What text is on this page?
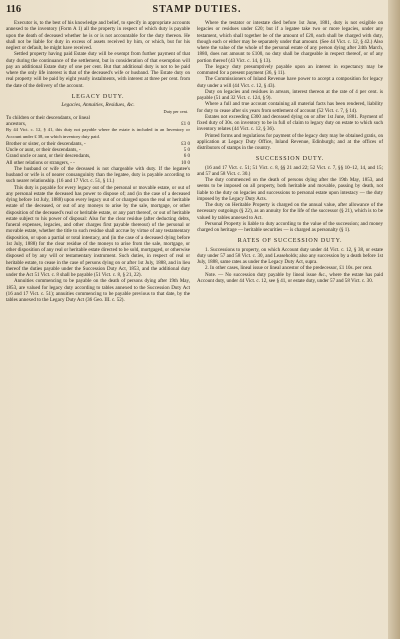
116	STAMP DUTIES.

Executor is, to the best of his knowledge and belief, to specify in appropriate accounts annexed to the inventory (Form A 1) all the property in respect of which duty is payable upon the death of deceased whether he is or is not accountable for the duty thereon. He shall not be liable for duty in excess of assets received by him, or which, but for his neglect or default, he might have received.

Settled property having paid Estate duty will be exempt from further payment of that duty during the continuance of the settlement, but in consideration of that exemption will pay an additional Estate duty of one per cent. But that additional duty is not to be paid where the only life interest is that of the deceased's wife or husband. The Estate duty on real property will be paid by eight yearly instalments, with interest at three per cent. from the date of the delivery of the account.

LEGACY DUTY.
Legacies, Annuities, Residues, &c.
Duty per cent.
To children or their descendants, or lineal
ancestors,	£1 0
By 44 Vict. c. 12, § 41, this duty not payable where the estate is included in an Inventory or Account under £ 38, on which inventory duty paid.
Brother or sister, or their descendants, -	£3 0
Uncle or aunt, or their descendants, -	5 0
Grand uncle or aunt, or their descendants,	6 0
All other relations or strangers, - -	10 0

The husband or wife of the deceased is not chargeable with duty. If the legatee's husband or wife is of nearer consanguinity than the legatee, duty is payable according to such nearer relationship. (16 and 17 Vict. c. 51, § 11.)

This duty is payable for every legacy out of the personal or movable estate, or out of any personal estate the deceased has power to dispose of; and (in the case of a deceased dying before 1st July, 1888) upon every legacy out of or charged upon the real or heritable estate of the deceased, or out of any moneys to arise by the sale, mortgage, or other disposition of the deceased's real or heritable estate, or any part thereof, or out of heritable estate subject to his power of disposal: Also for the clear residue (after deducting debts, funeral expenses, legacies, and other charges first payable thereout) of the personal or movable estate, whether the title to such residue shall accrue by virtue of any testamentary disposition, or upon a partial or total intestacy, and (in the case of a deceased dying before 1st July, 1888) for the clear residue of the moneys to arise from the sale, mortgage, or other disposition of any real or heritable estate directed to be sold, mortgaged, or otherwise disposed of by any will or testamentary instrument. Such duties, in respect of real or heritable estate, to cease in the case of persons dying on or after 1st July, 1888, and in lieu thereof the duties payable under the Succession Duty Act, 1853, and the additional duty under the Act 51 Vict. c. 8 shall be payable (51 Vict. c. 8, § 21, 22).

Annuities commencing to be payable on the death of persons dying after 19th May, 1853, are valued for legacy duty according to tables annexed to the Succession Duty Act (16 and 17 Vict. c. 51); annuities commencing to be payable previous to that date, by the tables annexed to the Legacy Duty Act (36 Geo. III. c. 52).

Where the testator or intestate died before 1st June, 1881, duty is not exigible on legacies or residues under £20; but if a legatee take two or more legacies, under any testament, which shall together be of the amount of £20, each shall be charged with duty, though each or either may be separately under that amount. (See 44 Vict. c. 12, § 42.) Also where the value of the whole of the personal estate of any person dying after 24th March, 1880, does not amount to £100, no duty shall be chargeable in respect thereof, or of any portion thereof (43 Vict. c. 14, § 13).

The legacy duty presumptively payable upon an interest in expectancy may be commuted for a present payment (36, § 11).

The Commissioners of Inland Revenue have power to accept a composition for legacy duty under a will (44 Vict. c. 12, § 43).

Duty on legacies and residues in arrears, interest thereon at the rate of 4 per cent. is payable (51 and 32 Vict. c. 124, § 9).

Where a full and true account containing all material facts has been rendered, liability for duty to cease after six years from settlement of account (52 Vict. c. 7, § 14).

Estates not exceeding £300 and deceased dying on or after 1st June, 1881. Payment of fixed duty of 30s. on inventory to be in full of claim to legacy duty on estate to which such inventory relates (44 Vict. c. 12, § 36).

Printed forms and regulations for payment of the legacy duty may be obtained gratis, on application at Legacy Duty Office, Inland Revenue, Edinburgh; and at the offices of distributors of stamps in the country.

SUCCESSION DUTY.

(16 and 17 Vict. c. 51; 51 Vict. c. 8, §§ 21 and 22; 52 Vict. c. 7, §§ 10–12, 14, and 15; and 57 and 58 Vict. c. 30.)

The duty commenced on the death of persons dying after the 19th May, 1853, and seems to be imposed on all property, both heritable and movable, passing by death, not liable to the duty on legacies and successions to personal estate upon intestacy — the duty imposed by the Legacy Duty Acts.

The duty on Heritable Property is charged on the annual value, after allowance of the necessary outgoings (§ 22), as an annuity for the life of the successor (§ 21), which is to be valued by tables annexed to Act.

Personal Property is liable to duty according to the value of the succession; and money charged on heritage — heritable securities — is charged as personalty (§ 1).

RATES OF SUCCESSION DUTY.

1. Successions to property, on which Account duty under 44 Vict. c. 12, § 38, or estate duty under 57 and 58 Vict. c. 30, and Leaseholds; also any succession by a death before 1st July, 1888, same rates as under the Legacy Duty Act, supra.

2. In other cases, lineal issue or lineal ancestor of the predecessor, £1 10s. per cent.

Note. — No succession duty payable by lineal issue &c., where the estate has paid Account duty, under 44 Vict. c. 12, see § 41, or estate duty, under 57 and 58 Vict. c. 30.
